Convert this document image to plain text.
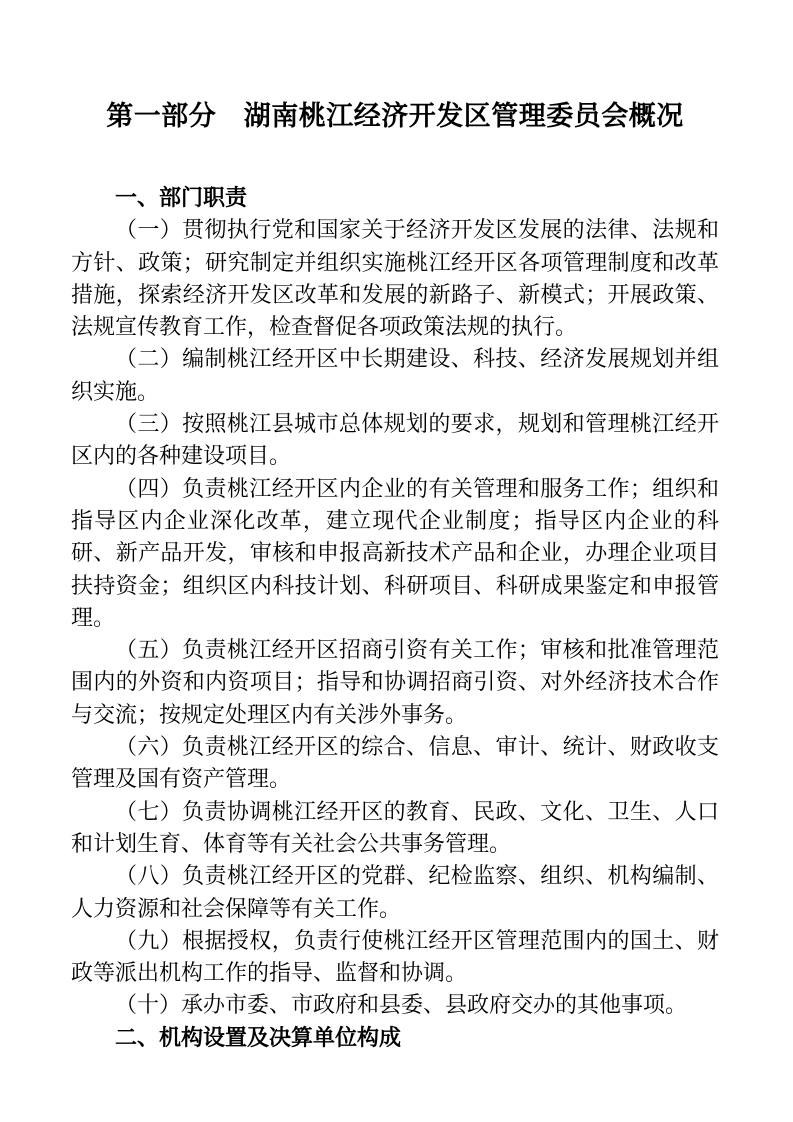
第一部分　湖南桃江经济开发区管理委员会概况
一、部门职责

（一）贯彻执行党和国家关于经济开发区发展的法律、法规和方针、政策；研究制定并组织实施桃江经开区各项管理制度和改革措施，探索经济开发区改革和发展的新路子、新模式；开展政策、法规宣传教育工作，检查督促各项政策法规的执行。

（二）编制桃江经开区中长期建设、科技、经济发展规划并组织实施。

（三）按照桃江县城市总体规划的要求，规划和管理桃江经开区内的各种建设项目。

（四）负责桃江经开区内企业的有关管理和服务工作；组织和指导区内企业深化改革，建立现代企业制度；指导区内企业的科研、新产品开发，审核和申报高新技术产品和企业，办理企业项目扶持资金；组织区内科技计划、科研项目、科研成果鉴定和申报管理。

（五）负责桃江经开区招商引资有关工作；审核和批准管理范围内的外资和内资项目；指导和协调招商引资、对外经济技术合作与交流；按规定处理区内有关涉外事务。

（六）负责桃江经开区的综合、信息、审计、统计、财政收支管理及国有资产管理。

（七）负责协调桃江经开区的教育、民政、文化、卫生、人口和计划生育、体育等有关社会公共事务管理。

（八）负责桃江经开区的党群、纪检监察、组织、机构编制、人力资源和社会保障等有关工作。

（九）根据授权，负责行使桃江经开区管理范围内的国土、财政等派出机构工作的指导、监督和协调。

（十）承办市委、市政府和县委、县政府交办的其他事项。

二、机构设置及决算单位构成
